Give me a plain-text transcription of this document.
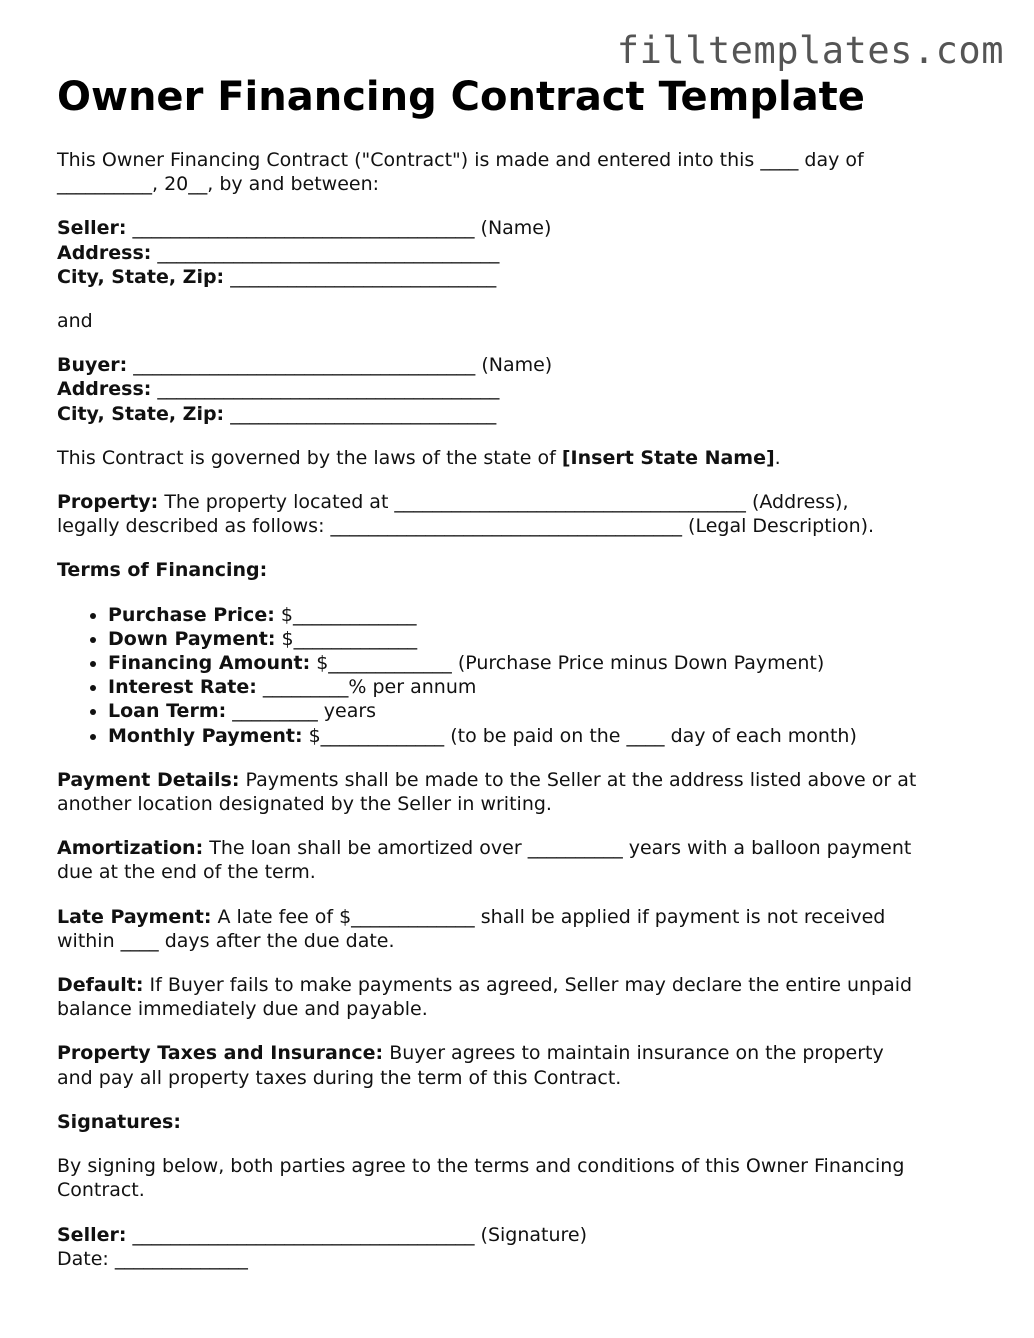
filltemplates.com
Owner Financing Contract Template

This Owner Financing Contract ("Contract") is made and entered into this ____ day of
__________, 20__, by and between:

Seller: ____________________________________ (Name)
Address: ____________________________________
City, State, Zip: ____________________________

and

Buyer: ____________________________________ (Name)
Address: ____________________________________
City, State, Zip: ____________________________

This Contract is governed by the laws of the state of [Insert State Name].

Property: The property located at _____________________________________ (Address),
legally described as follows: _____________________________________ (Legal Description).

Terms of Financing:

• Purchase Price: $_____________
• Down Payment: $_____________
• Financing Amount: $_____________ (Purchase Price minus Down Payment)
• Interest Rate: _________% per annum
• Loan Term: _________ years
• Monthly Payment: $_____________ (to be paid on the ____ day of each month)

Payment Details: Payments shall be made to the Seller at the address listed above or at
another location designated by the Seller in writing.

Amortization: The loan shall be amortized over __________ years with a balloon payment
due at the end of the term.

Late Payment: A late fee of $_____________ shall be applied if payment is not received
within ____ days after the due date.

Default: If Buyer fails to make payments as agreed, Seller may declare the entire unpaid
balance immediately due and payable.

Property Taxes and Insurance: Buyer agrees to maintain insurance on the property
and pay all property taxes during the term of this Contract.

Signatures:

By signing below, both parties agree to the terms and conditions of this Owner Financing
Contract.

Seller: ____________________________________ (Signature)
Date: ______________
